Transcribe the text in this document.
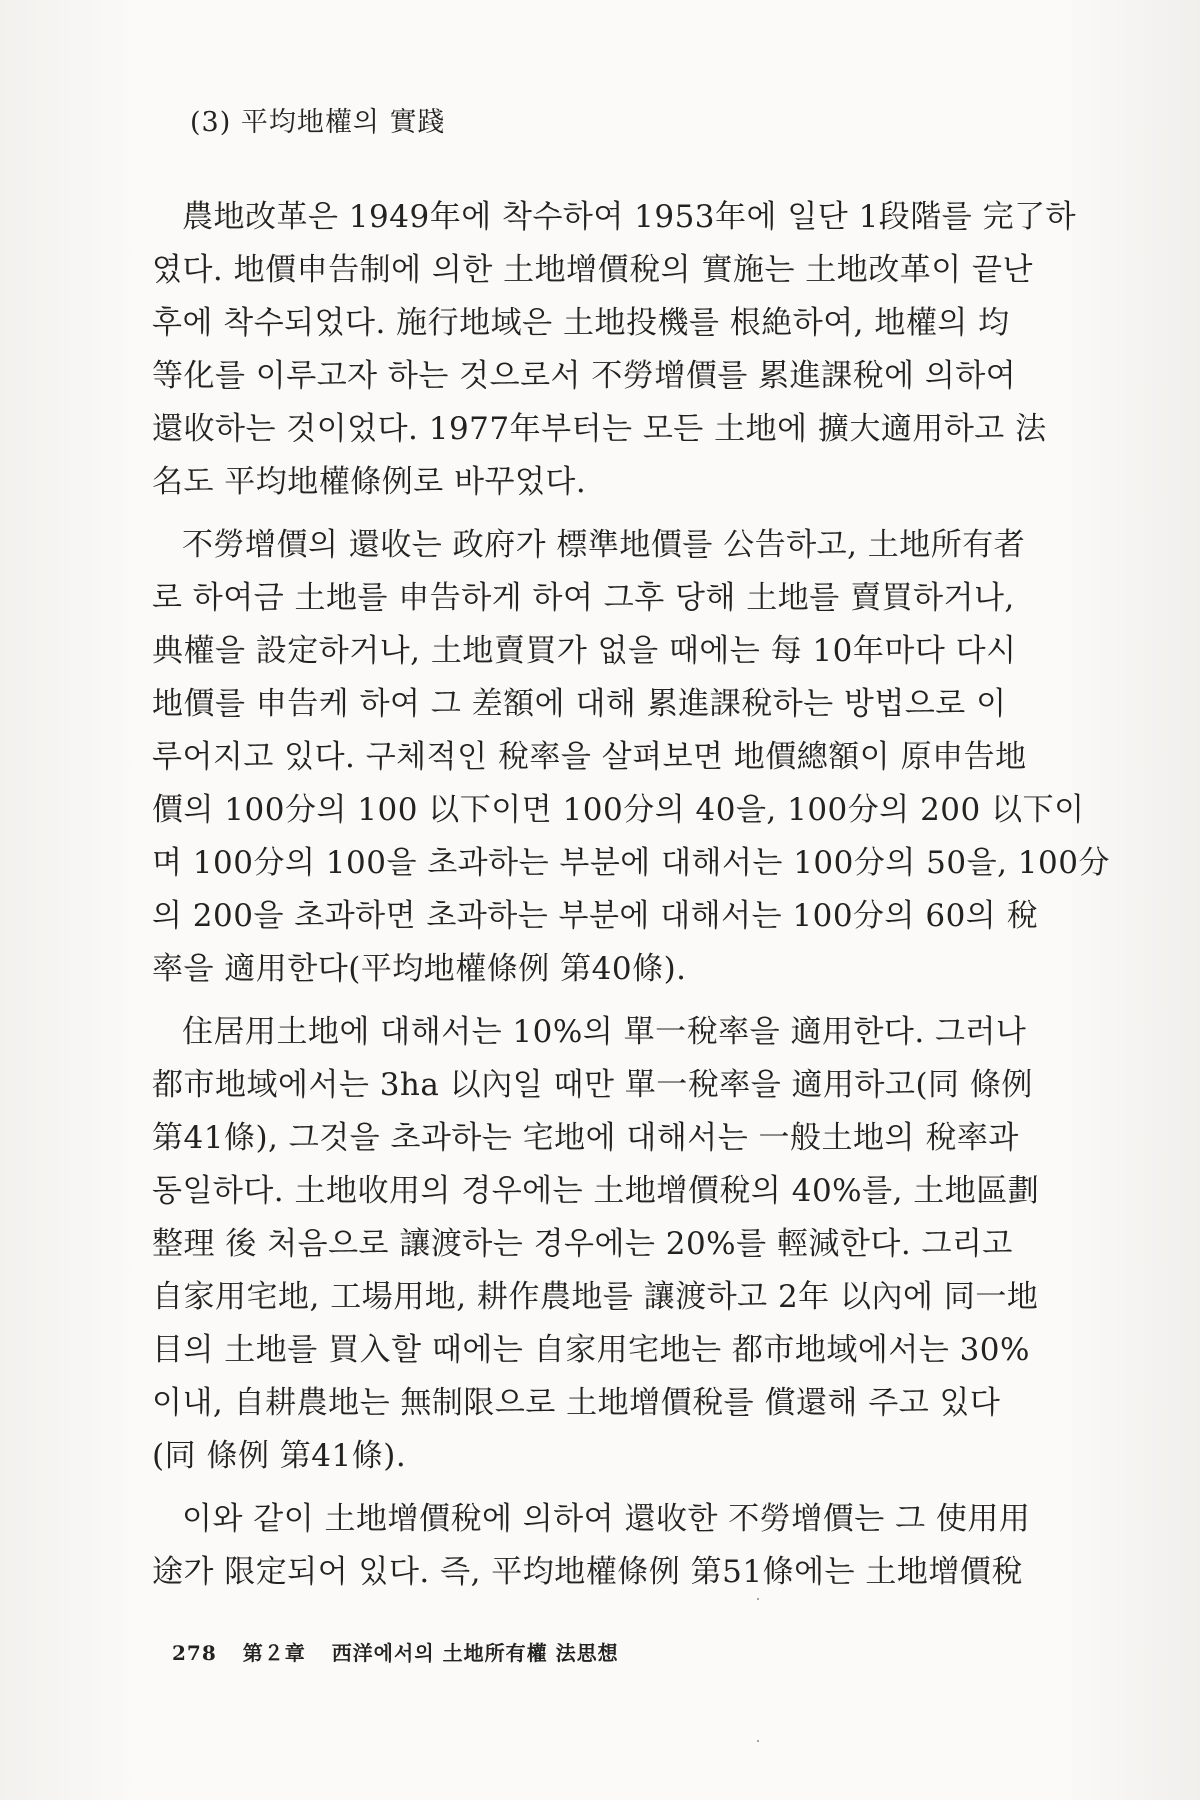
(3) 平均地權의 實踐
農地改革은 1949年에 착수하여 1953年에 일단 1段階를 完了하
였다. 地價申告制에 의한 土地增價稅의 實施는 土地改革이 끝난
후에 착수되었다. 施行地域은 土地投機를 根絶하여, 地權의 均
等化를 이루고자 하는 것으로서 不勞增價를 累進課稅에 의하여
還收하는 것이었다. 1977年부터는 모든 土地에 擴大適用하고 法
名도 平均地權條例로 바꾸었다.
不勞增價의 還收는 政府가 標準地價를 公告하고, 土地所有者
로 하여금 土地를 申告하게 하여 그후 당해 土地를 賣買하거나,
典權을 設定하거나, 土地賣買가 없을 때에는 每 10年마다 다시
地價를 申告케 하여 그 差額에 대해 累進課稅하는 방법으로 이
루어지고 있다. 구체적인 稅率을 살펴보면 地價總額이 原申告地
價의 100分의 100 以下이면 100分의 40을, 100分의 200 以下이
며 100分의 100을 초과하는 부분에 대해서는 100分의 50을, 100分
의 200을 초과하면 초과하는 부분에 대해서는 100分의 60의 稅
率을 適用한다(平均地權條例 第40條).
住居用土地에 대해서는 10%의 單一稅率을 適用한다. 그러나
都市地域에서는 3ha 以內일 때만 單一稅率을 適用하고(同 條例
第41條), 그것을 초과하는 宅地에 대해서는 一般土地의 稅率과
동일하다. 土地收用의 경우에는 土地增價稅의 40%를, 土地區劃
整理 後 처음으로 讓渡하는 경우에는 20%를 輕減한다. 그리고
自家用宅地, 工場用地, 耕作農地를 讓渡하고 2年 以內에 同一地
目의 土地를 買入할 때에는 自家用宅地는 都市地域에서는 30%
이내, 自耕農地는 無制限으로 土地增價稅를 償還해 주고 있다
(同 條例 第41條).
이와 같이 土地增價稅에 의하여 還收한 不勞增價는 그 使用用
途가 限定되어 있다. 즉, 平均地權條例 第51條에는 土地增價稅
278 第２章 西洋에서의 土地所有權 法思想
